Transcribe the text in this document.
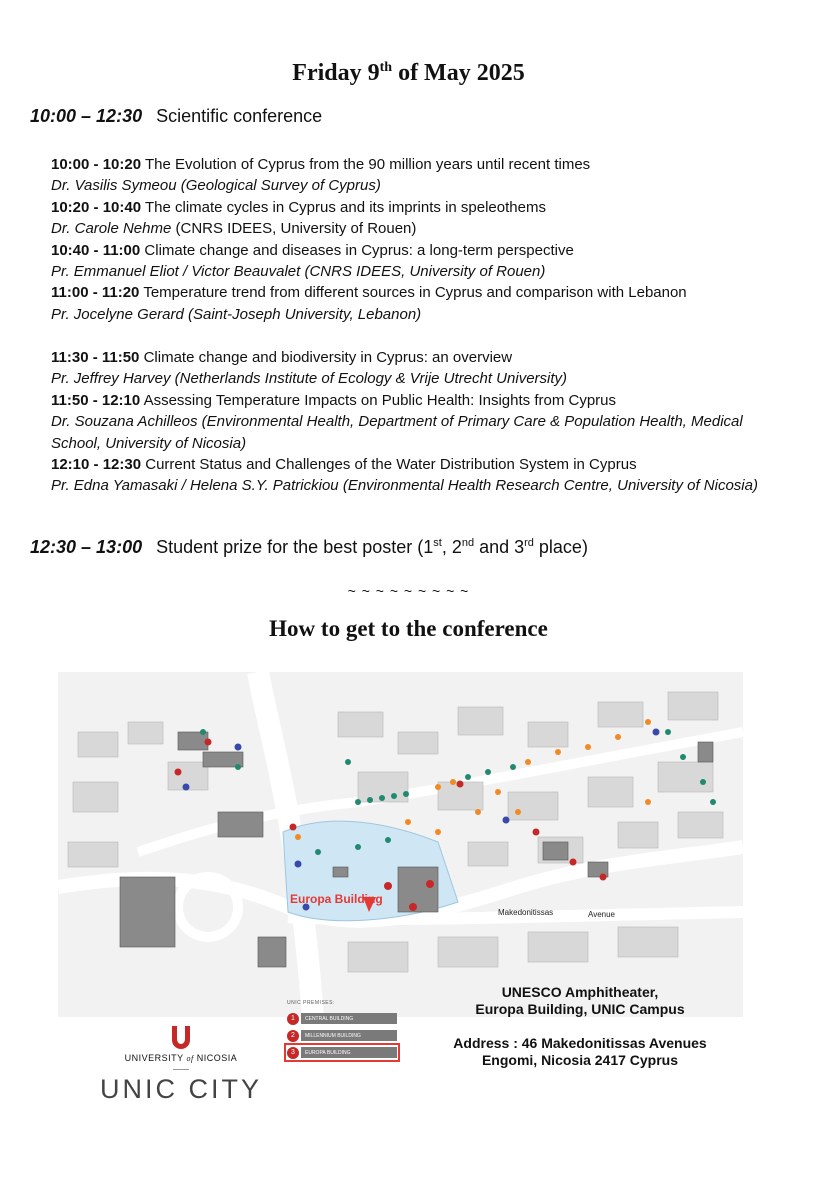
Friday 9th of May 2025
10:00 – 12:30 Scientific conference
10:00 - 10:20 The Evolution of Cyprus from the 90 million years until recent times
Dr. Vasilis Symeou (Geological Survey of Cyprus)
10:20 - 10:40 The climate cycles in Cyprus and its imprints in speleothems
Dr. Carole Nehme (CNRS IDEES, University of Rouen)
10:40 - 11:00 Climate change and diseases in Cyprus: a long-term perspective
Pr. Emmanuel Eliot / Victor Beauvalet (CNRS IDEES, University of Rouen)
11:00 - 11:20 Temperature trend from different sources in Cyprus and comparison with Lebanon
Pr. Jocelyne Gerard (Saint-Joseph University, Lebanon)
11:30 - 11:50 Climate change and biodiversity in Cyprus: an overview
Pr. Jeffrey Harvey (Netherlands Institute of Ecology & Vrije Utrecht University)
11:50 - 12:10 Assessing Temperature Impacts on Public Health: Insights from Cyprus
Dr. Souzana Achilleos (Environmental Health, Department of Primary Care & Population Health, Medical School, University of Nicosia)
12:10 - 12:30 Current Status and Challenges of the Water Distribution System in Cyprus
Pr. Edna Yamasaki / Helena S.Y. Patrickiou (Environmental Health Research Centre, University of Nicosia)
12:30 – 13:00 Student prize for the best poster (1st, 2nd and 3rd place)
~ ~ ~ ~ ~ ~ ~ ~ ~
How to get to the conference
Europa Building
Makedonitissas	Avenue
UNIC PREMISES:
1	CENTRAL BUILDING
2	MILLENNIUM BUILDING
3	EUROPA BUILDING
UNESCO Amphitheater,
Europa Building, UNIC Campus
Address : 46 Makedonitissas Avenues
Engomi, Nicosia 2417 Cyprus
UNIVERSITY of NICOSIA
UNIC CITY
